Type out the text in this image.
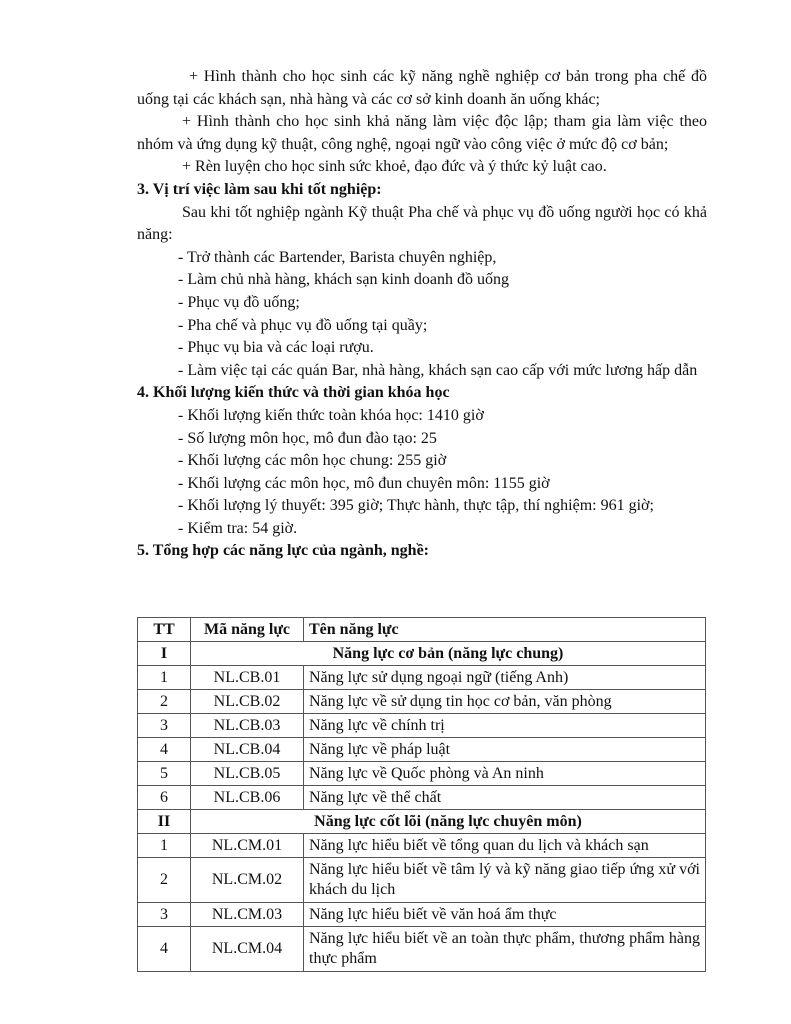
+ Hình thành cho học sinh các kỹ năng nghề nghiệp cơ bản trong pha chế đồ uống tại các khách sạn, nhà hàng và các cơ sở kinh doanh ăn uống khác;

+ Hình thành cho học sinh khả năng làm việc độc lập; tham gia làm việc theo nhóm và ứng dụng kỹ thuật, công nghệ, ngoại ngữ vào công việc ở mức độ cơ bản;

+ Rèn luyện cho học sinh sức khoẻ, đạo đức và ý thức kỷ luật cao.

3. Vị trí việc làm sau khi tốt nghiệp:

Sau khi tốt nghiệp ngành Kỹ thuật Pha chế và phục vụ đồ uống người học có khả năng:

- Trở thành các Bartender, Barista chuyên nghiệp,

- Làm chủ nhà hàng, khách sạn kinh doanh đồ uống

- Phục vụ đồ uống;

- Pha chế và phục vụ đồ uống tại quầy;

- Phục vụ bia và các loại rượu.

- Làm việc tại các quán Bar, nhà hàng, khách sạn cao cấp với mức lương hấp dẫn

4. Khối lượng kiến thức và thời gian khóa học

- Khối lượng kiến thức toàn khóa học: 1410 giờ

- Số lượng môn học, mô đun đào tạo: 25

- Khối lượng các môn học chung: 255 giờ

- Khối lượng các môn học, mô đun chuyên môn: 1155 giờ

- Khối lượng lý thuyết: 395 giờ; Thực hành, thực tập, thí nghiệm: 961 giờ;

- Kiểm tra: 54 giờ.

5. Tổng hợp các năng lực của ngành, nghề:

TT	Mã năng lực	Tên năng lực
I	Năng lực cơ bản (năng lực chung)	
1	NL.CB.01	Năng lực sử dụng ngoại ngữ (tiếng Anh)
2	NL.CB.02	Năng lực về sử dụng tin học cơ bản, văn phòng
3	NL.CB.03	Năng lực về chính trị
4	NL.CB.04	Năng lực về pháp luật
5	NL.CB.05	Năng lực về Quốc phòng và An ninh
6	NL.CB.06	Năng lực về thể chất
II	Năng lực cốt lõi (năng lực chuyên môn)	
1	NL.CM.01	Năng lực hiểu biết về tổng quan du lịch và khách sạn
2	NL.CM.02	Năng lực hiểu biết về tâm lý và kỹ năng giao tiếp ứng xử với khách du lịch
3	NL.CM.03	Năng lực hiểu biết về văn hoá ẩm thực
4	NL.CM.04	Năng lực hiểu biết về an toàn thực phẩm, thương phẩm hàng thực phẩm
